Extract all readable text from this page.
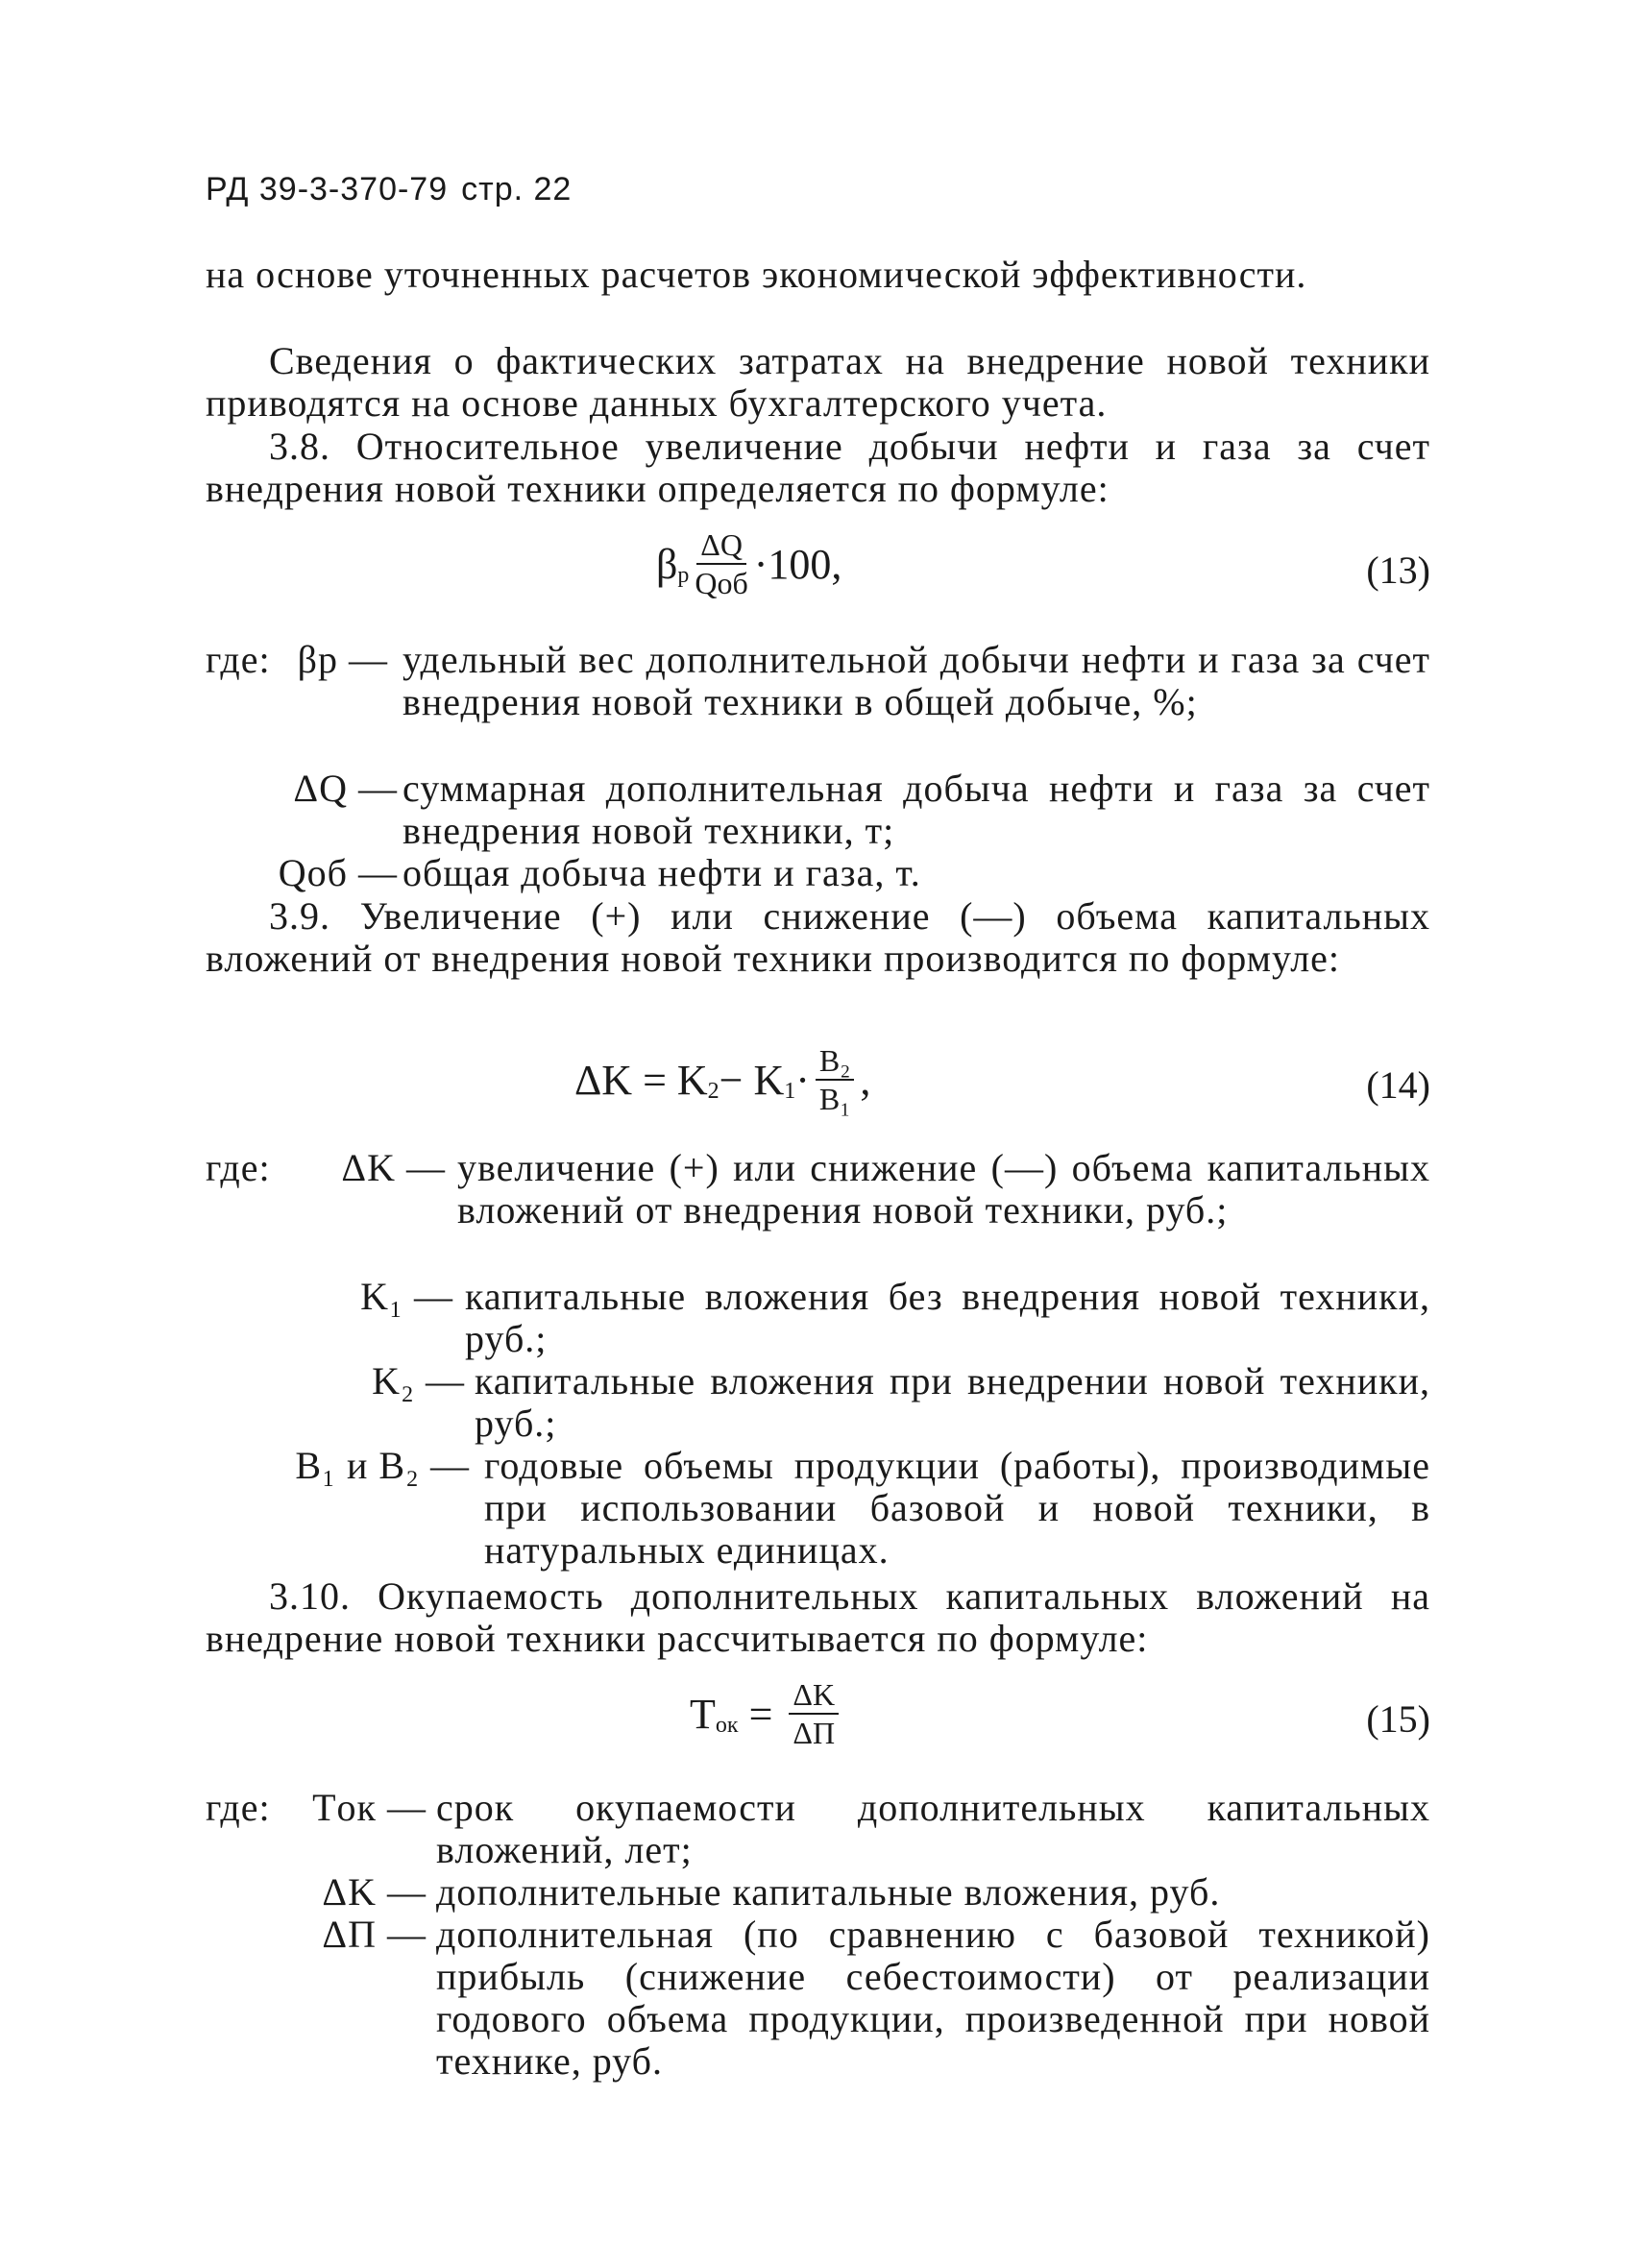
РД 39-3-370-79 стр. 22
на основе уточненных расчетов экономической эффективности.
Сведения о фактических затратах на внедрение новой техники приводятся на основе данных бухгалтерского учета.
3.8. Относительное увеличение добычи нефти и газа за счет внедрения новой техники определяется по формуле:
β p $\frac{\Delta Q}{\text{Qоб}} \cdot 100$,	(13)
где: βр — удельный вес дополнительной добычи нефти и газа за счет внедрения новой техники в общей добыче, %;
ΔQ — суммарная дополнительная добыча нефти и газа за счет внедрения новой техники, т;
Qоб — общая добыча нефти и газа, т.
3.9. Увеличение (+) или снижение (—) объема капитальных вложений от внедрения новой техники производится по формуле:
ΔK = K 2 − K $1 \cdot \frac{\text{B₂}}{\text{B₁}}$ ,	(14)
где:	ΔK — увеличение (+) или снижение (—) объема капитальных вложений от внедрения новой техники, руб.;
K₁ — капитальные вложения без внедрения новой техники, руб.;
K₂ — капитальные вложения при внедрении новой техники, руб.;
B₁ и B₂ — годовые объемы продукции (работы), производимые при использовании базовой и новой техники, в натуральных единицах.
3.10. Окупаемость дополнительных капитальных вложений на внедрение новой техники рассчитывается по формуле:
T ок = $\frac{\Delta K}{\Delta П}$	(15)
где:	Tок — срок окупаемости дополнительных капитальных вложений, лет;
ΔK — дополнительные капитальные вложения, руб.
ΔП — дополнительная (по сравнению с базовой техникой) прибыль (снижение себестоимости) от реализации годового объема продукции, произведенной при новой технике, руб.
